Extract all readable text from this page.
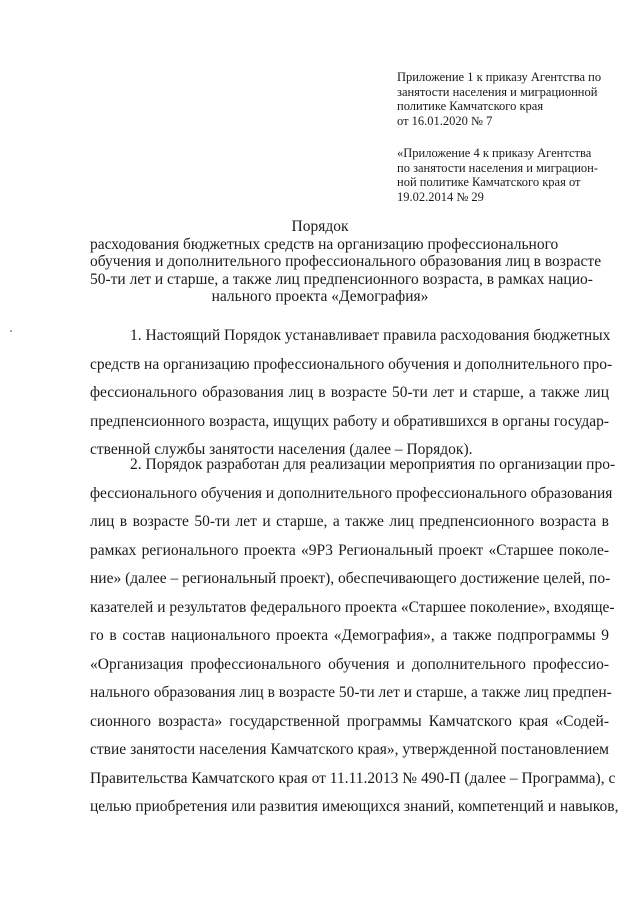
Приложение 1 к приказу Агентства по
занятости населения и миграционной
политике Камчатского края
от 16.01.2020 № 7
«Приложение 4 к приказу Агентства
по занятости населения и миграцион-
ной политике Камчатского края от
19.02.2014 № 29
Порядок
расходования бюджетных средств на организацию профессионального
обучения и дополнительного профессионального образования лиц в возрасте
50-ти лет и старше, а также лиц предпенсионного возраста, в рамках нацио-
нального проекта «Демография»
1. Настоящий Порядок устанавливает правила расходования бюджетных
средств на организацию профессионального обучения и дополнительного про-
фессионального образования лиц в возрасте 50-ти лет и старше, а также лиц
предпенсионного возраста, ищущих работу и обратившихся в органы государ-
ственной службы занятости населения (далее – Порядок).
2. Порядок разработан для реализации мероприятия по организации про-
фессионального обучения и дополнительного профессионального образования
лиц в возрасте 50-ти лет и старше, а также лиц предпенсионного возраста в
рамках регионального проекта «9Р3 Региональный проект «Старшее поколе-
ние» (далее – региональный проект), обеспечивающего достижение целей, по-
казателей и результатов федерального проекта «Старшее поколение», входяще-
го в состав национального проекта «Демография», а также подпрограммы 9
«Организация профессионального обучения и дополнительного профессио-
нального образования лиц в возрасте 50-ти лет и старше, а также лиц предпен-
сионного возраста» государственной программы Камчатского края «Содей-
ствие занятости населения Камчатского края», утвержденной постановлением
Правительства Камчатского края от 11.11.2013 № 490-П (далее – Программа), с
целью приобретения или развития имеющихся знаний, компетенций и навыков,
